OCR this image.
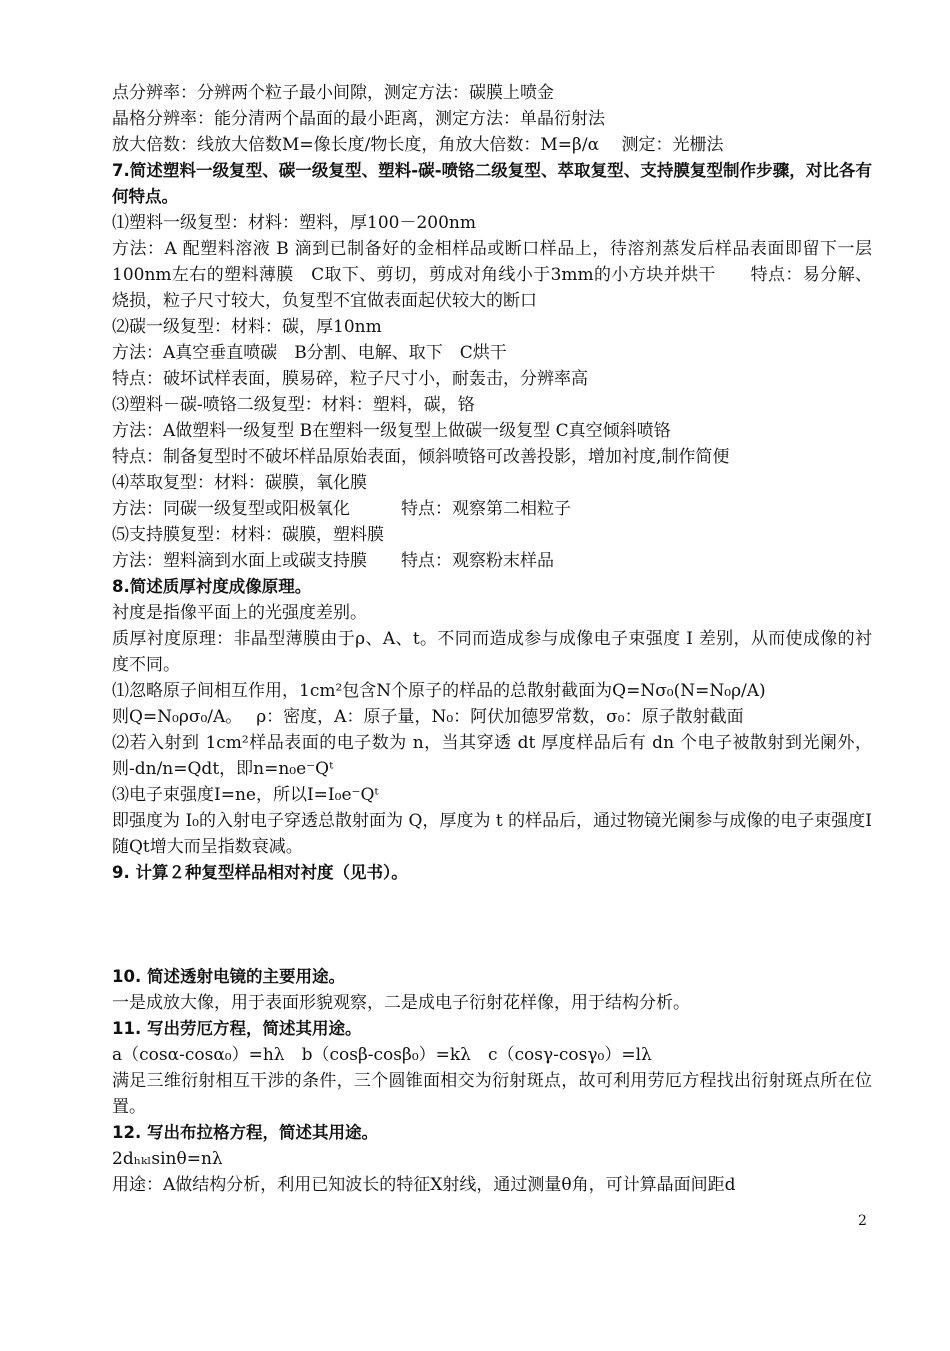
点分辨率：分辨两个粒子最小间隙，测定方法：碳膜上喷金
晶格分辨率：能分清两个晶面的最小距离，测定方法：单晶衍射法
放大倍数：线放大倍数M=像长度/物长度，角放大倍数：M=β/α　 测定：光栅法
7.简述塑料一级复型、碳一级复型、塑料-碳-喷铬二级复型、萃取复型、支持膜复型制作步骤，对比各有何特点。
⑴塑料一级复型：材料：塑料，厚100－200nm
方法：A 配塑料溶液 B 滴到已制备好的金相样品或断口样品上，待溶剂蒸发后样品表面即留下一层100nm左右的塑料薄膜　C取下、剪切，剪成对角线小于3mm的小方块并烘干　　特点：易分解、烧损，粒子尺寸较大，负复型不宜做表面起伏较大的断口
⑵碳一级复型：材料：碳，厚10nm
方法：A真空垂直喷碳　B分割、电解、取下　C烘干
特点：破坏试样表面，膜易碎，粒子尺寸小，耐轰击，分辨率高
⑶塑料－碳-喷铬二级复型：材料：塑料，碳，铬
方法：A做塑料一级复型 B在塑料一级复型上做碳一级复型 C真空倾斜喷铬
特点：制备复型时不破坏样品原始表面，倾斜喷铬可改善投影，增加衬度,制作简便
⑷萃取复型：材料：碳膜，氧化膜
方法：同碳一级复型或阳极氧化　　　特点：观察第二相粒子
⑸支持膜复型：材料：碳膜，塑料膜
方法：塑料滴到水面上或碳支持膜　　特点：观察粉末样品
8.简述质厚衬度成像原理。
衬度是指像平面上的光强度差别。
质厚衬度原理：非晶型薄膜由于ρ、A、t。不同而造成参与成像电子束强度 I 差别，从而使成像的衬度不同。
⑴忽略原子间相互作用，1cm²包含N个原子的样品的总散射截面为Q=Nσ₀(N=N₀ρ/A)
则Q=N₀ρσ₀/A。　 ρ：密度，A：原子量，N₀：阿伏加德罗常数，σ₀：原子散射截面
⑵若入射到 1cm²样品表面的电子数为 n，当其穿透 dt 厚度样品后有 dn 个电子被散射到光阑外，则-dn/n=Qdt，即n=n₀e⁻Qᵗ
⑶电子束强度I=ne，所以I=I₀e⁻Qᵗ
即强度为 I₀的入射电子穿透总散射面为 Q，厚度为 t 的样品后，通过物镜光阑参与成像的电子束强度I随Qt增大而呈指数衰减。
9. 计算２种复型样品相对衬度（见书）。
10. 简述透射电镜的主要用途。
一是成放大像，用于表面形貌观察，二是成电子衍射花样像，用于结构分析。
11. 写出劳厄方程，简述其用途。
a（cosα-cosα₀）=hλ　b（cosβ-cosβ₀）=kλ　c（cosγ-cosγ₀）=lλ
满足三维衍射相互干涉的条件，三个圆锥面相交为衍射斑点，故可利用劳厄方程找出衍射斑点所在位置。
12. 写出布拉格方程，简述其用途。
2dₕₖₗsinθ=nλ
用途：A做结构分析，利用已知波长的特征X射线，通过测量θ角，可计算晶面间距d
2
